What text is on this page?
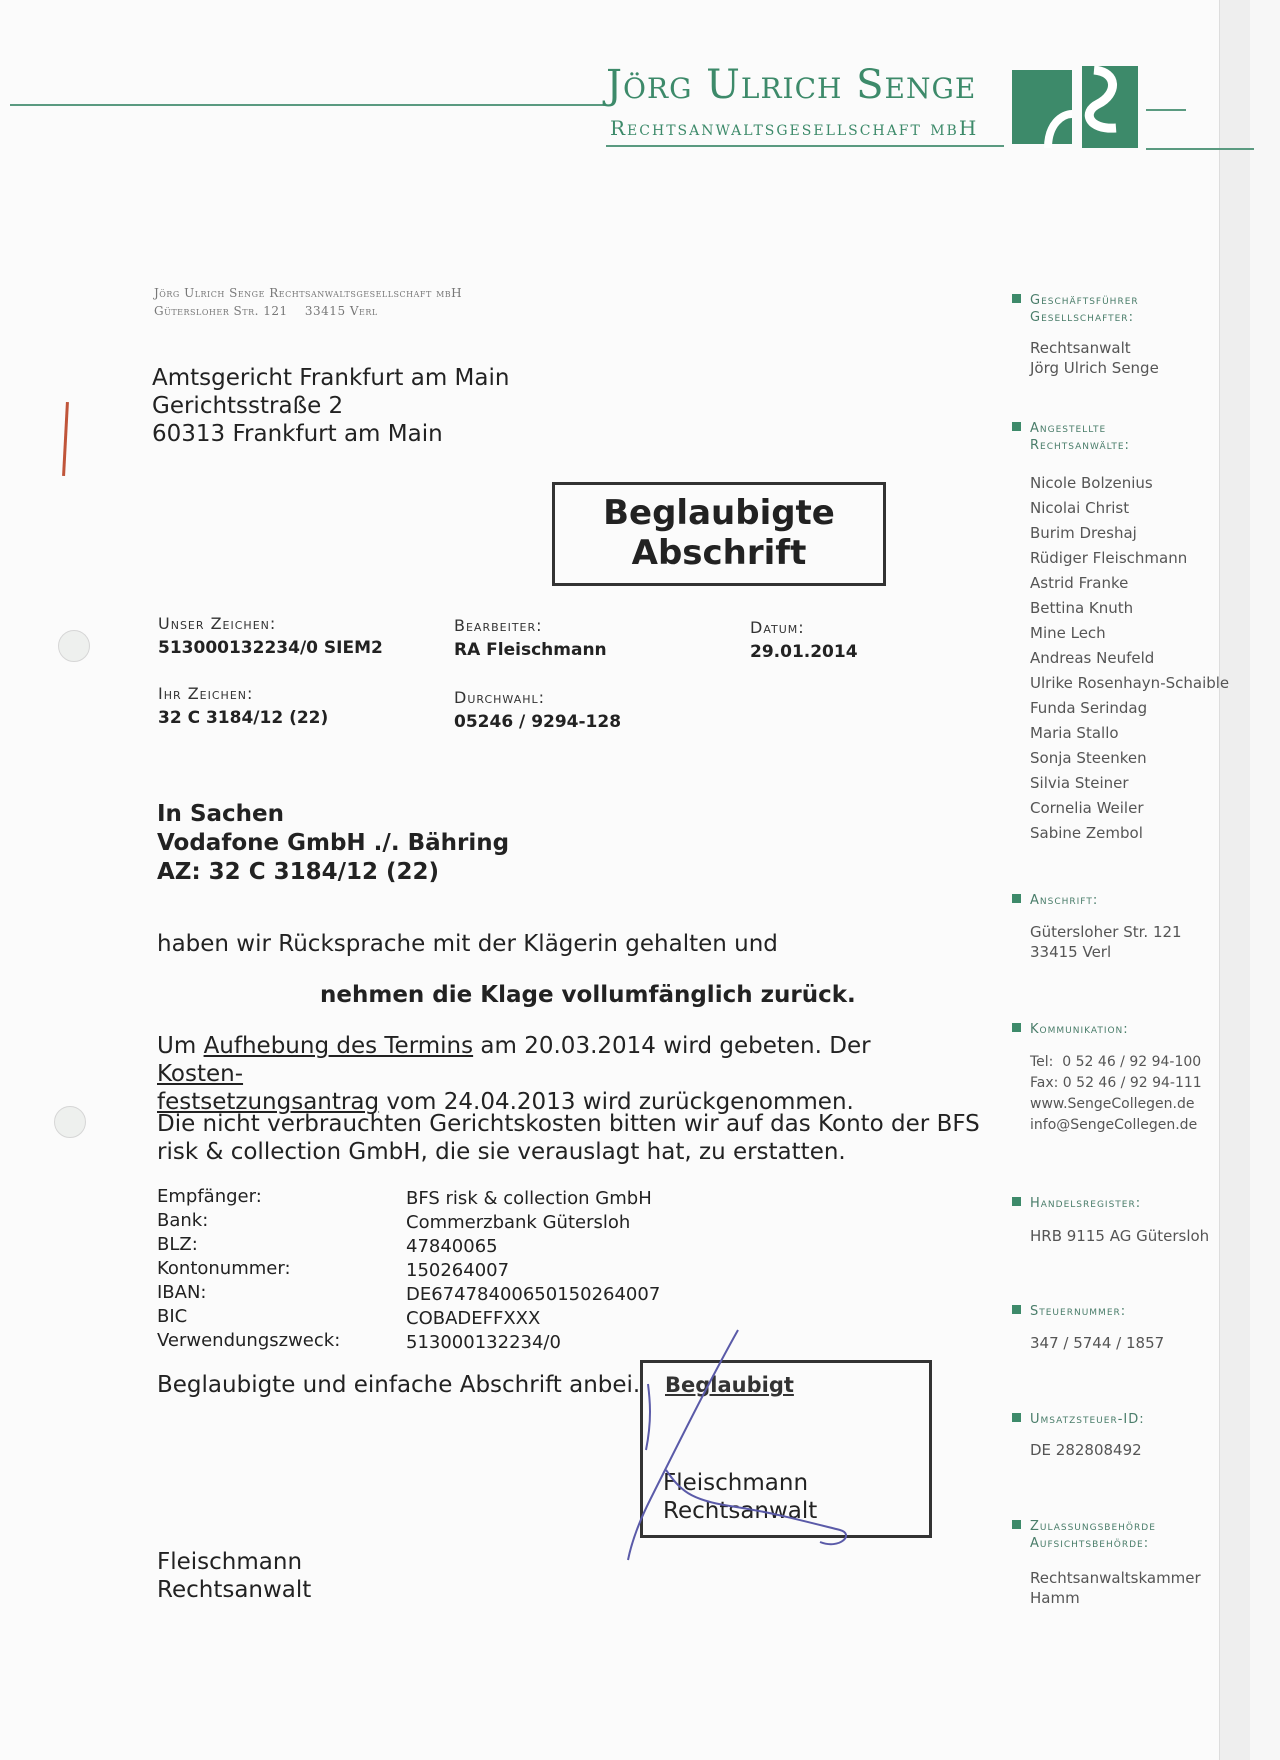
Jörg Ulrich Senge
Rechtsanwaltsgesellschaft mbH
Jörg Ulrich Senge Rechtsanwaltsgesellschaft mbH
Gütersloher Str. 121    33415 Verl
Amtsgericht Frankfurt am Main
Gerichtsstraße 2
60313 Frankfurt am Main
Beglaubigte
Abschrift
Unser Zeichen:
513000132234/0 SIEM2
Bearbeiter:
RA Fleischmann
Datum:
29.01.2014
Ihr Zeichen:
32 C 3184/12 (22)
Durchwahl:
05246 / 9294-128
In Sachen
Vodafone GmbH ./. Bähring
AZ: 32 C 3184/12 (22)
haben wir Rücksprache mit der Klägerin gehalten und
nehmen die Klage vollumfänglich zurück.
Um Aufhebung des Termins am 20.03.2014 wird gebeten. Der Kosten-
festsetzungsantrag vom 24.04.2013 wird zurückgenommen.
Die nicht verbrauchten Gerichtskosten bitten wir auf das Konto der BFS
risk & collection GmbH, die sie verauslagt hat, zu erstatten.
Empfänger:
Bank:
BLZ:
Kontonummer:
IBAN:
BIC
Verwendungszweck:
BFS risk & collection GmbH
Commerzbank Gütersloh
47840065
150264007
DE67478400650150264007
COBADEFFXXX
513000132234/0
Beglaubigte und einfache Abschrift anbei. Beglaubigt
Fleischmann
Rechtsanwalt
Fleischmann
Rechtsanwalt
Geschäftsführer
Gesellschafter:
Rechtsanwalt
Jörg Ulrich Senge
Angestellte
Rechtsanwälte:
Nicole Bolzenius
Nicolai Christ
Burim Dreshaj
Rüdiger Fleischmann
Astrid Franke
Bettina Knuth
Mine Lech
Andreas Neufeld
Ulrike Rosenhayn-Schaible
Funda Serindag
Maria Stallo
Sonja Steenken
Silvia Steiner
Cornelia Weiler
Sabine Zembol
Anschrift:
Gütersloher Str. 121
33415 Verl
Kommunikation:
Tel:  0 52 46 / 92 94-100
Fax: 0 52 46 / 92 94-111
www.SengeCollegen.de
info@SengeCollegen.de
Handelsregister:
HRB 9115 AG Gütersloh
Steuernummer:
347 / 5744 / 1857
Umsatzsteuer-ID:
DE 282808492
Zulassungsbehörde
Aufsichtsbehörde:
Rechtsanwaltskammer
Hamm
